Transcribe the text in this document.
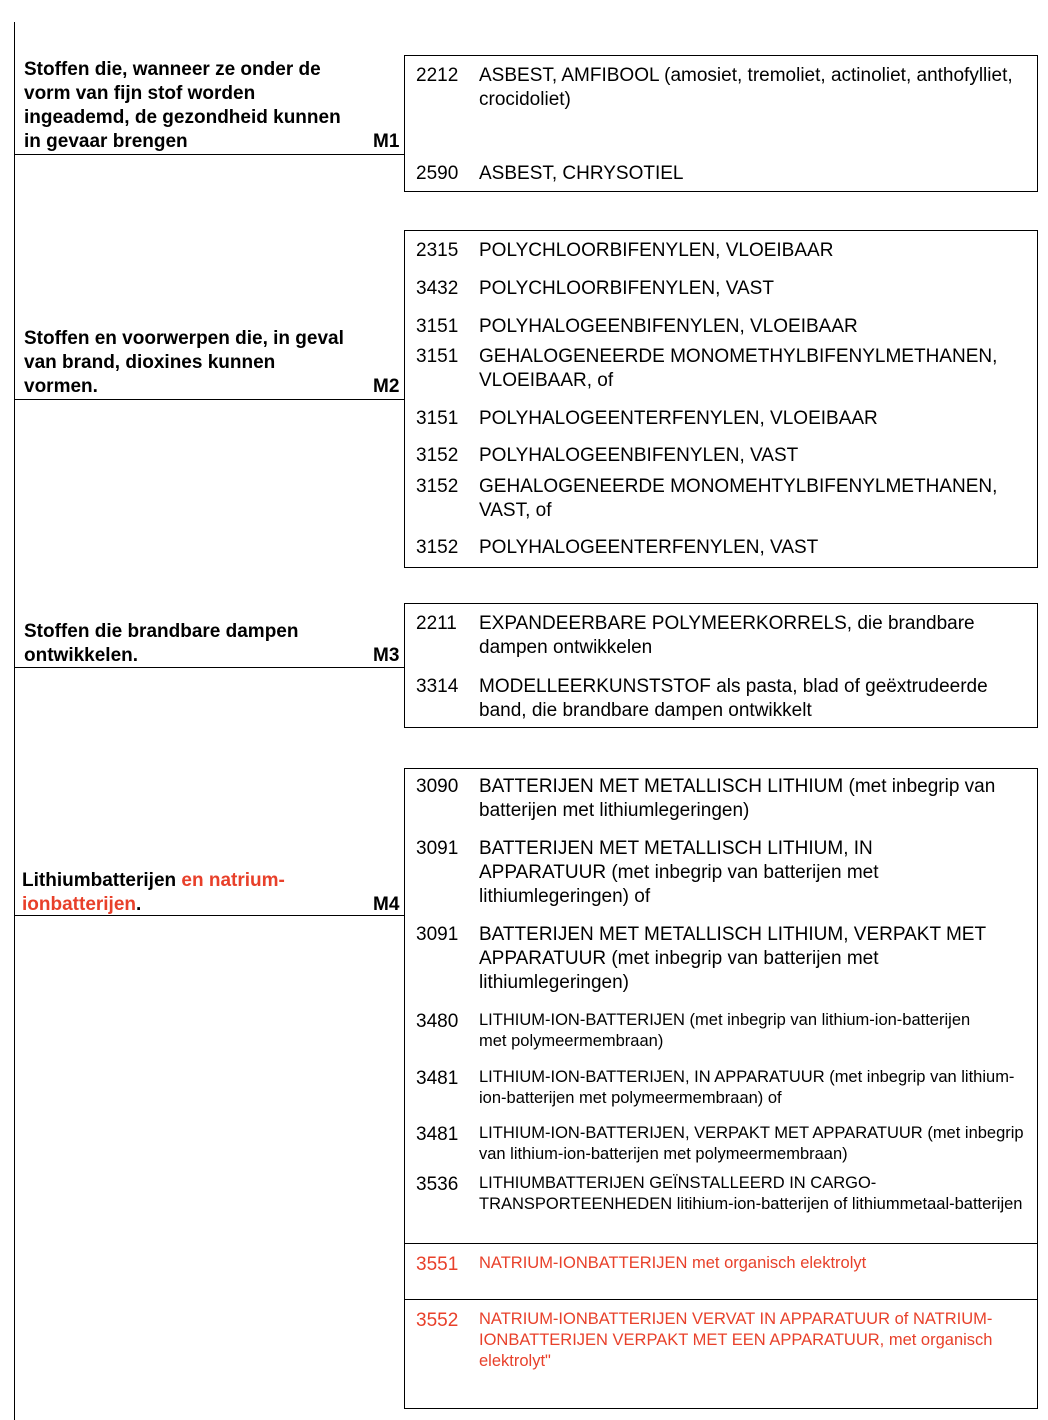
Stoffen die, wanneer ze onder de vorm van fijn stof worden ingeademd, de gezondheid kunnen in gevaar brengen	M1
2212	ASBEST, AMFIBOOL (amosiet, tremoliet, actinoliet, anthofylliet, crocidoliet)
2590	ASBEST, CHRYSOTIEL
Stoffen en voorwerpen die, in geval van brand, dioxines kunnen vormen.	M2
2315	POLYCHLOORBIFENYLEN, VLOEIBAAR
3432	POLYCHLOORBIFENYLEN, VAST
3151	POLYHALOGEENBIFENYLEN, VLOEIBAAR
3151	GEHALOGENEERDE MONOMETHYLBIFENYLMETHANEN, VLOEIBAAR, of
3151	POLYHALOGEENTERFENYLEN, VLOEIBAAR
3152	POLYHALOGEENBIFENYLEN, VAST
3152	GEHALOGENEERDE MONOMEHTYLBIFENYLMETHANEN, VAST, of
3152	POLYHALOGEENTERFENYLEN, VAST
Stoffen die brandbare dampen ontwikkelen.	M3
2211	EXPANDEERBARE POLYMEERKORRELS, die brandbare dampen ontwikkelen
3314	MODELLEERKUNSTSTOF als pasta, blad of geëxtrudeerde band, die brandbare dampen ontwikkelt
Lithiumbatterijen en natrium-ionbatterijen.	M4
3090	BATTERIJEN MET METALLISCH LITHIUM (met inbegrip van batterijen met lithiumlegeringen)
3091	BATTERIJEN MET METALLISCH LITHIUM, IN APPARATUUR (met inbegrip van batterijen met lithiumlegeringen) of
3091	BATTERIJEN MET METALLISCH LITHIUM, VERPAKT MET APPARATUUR (met inbegrip van batterijen met lithiumlegeringen)
3480	LITHIUM-ION-BATTERIJEN (met inbegrip van lithium-ion-batterijen met polymeermembraan)
3481	LITHIUM-ION-BATTERIJEN, IN APPARATUUR (met inbegrip van lithium-ion-batterijen met polymeermembraan) of
3481	LITHIUM-ION-BATTERIJEN, VERPAKT MET APPARATUUR (met inbegrip van lithium-ion-batterijen met polymeermembraan)
3536	LITHIUMBATTERIJEN GEÏNSTALLEERD IN CARGO-TRANSPORTEENHEDEN litihium-ion-batterijen of lithiummetaal-batterijen
3551	NATRIUM-IONBATTERIJEN met organisch elektrolyt
3552	NATRIUM-IONBATTERIJEN VERVAT IN APPARATUUR of NATRIUM-IONBATTERIJEN VERPAKT MET EEN APPARATUUR, met organisch elektrolyt"
